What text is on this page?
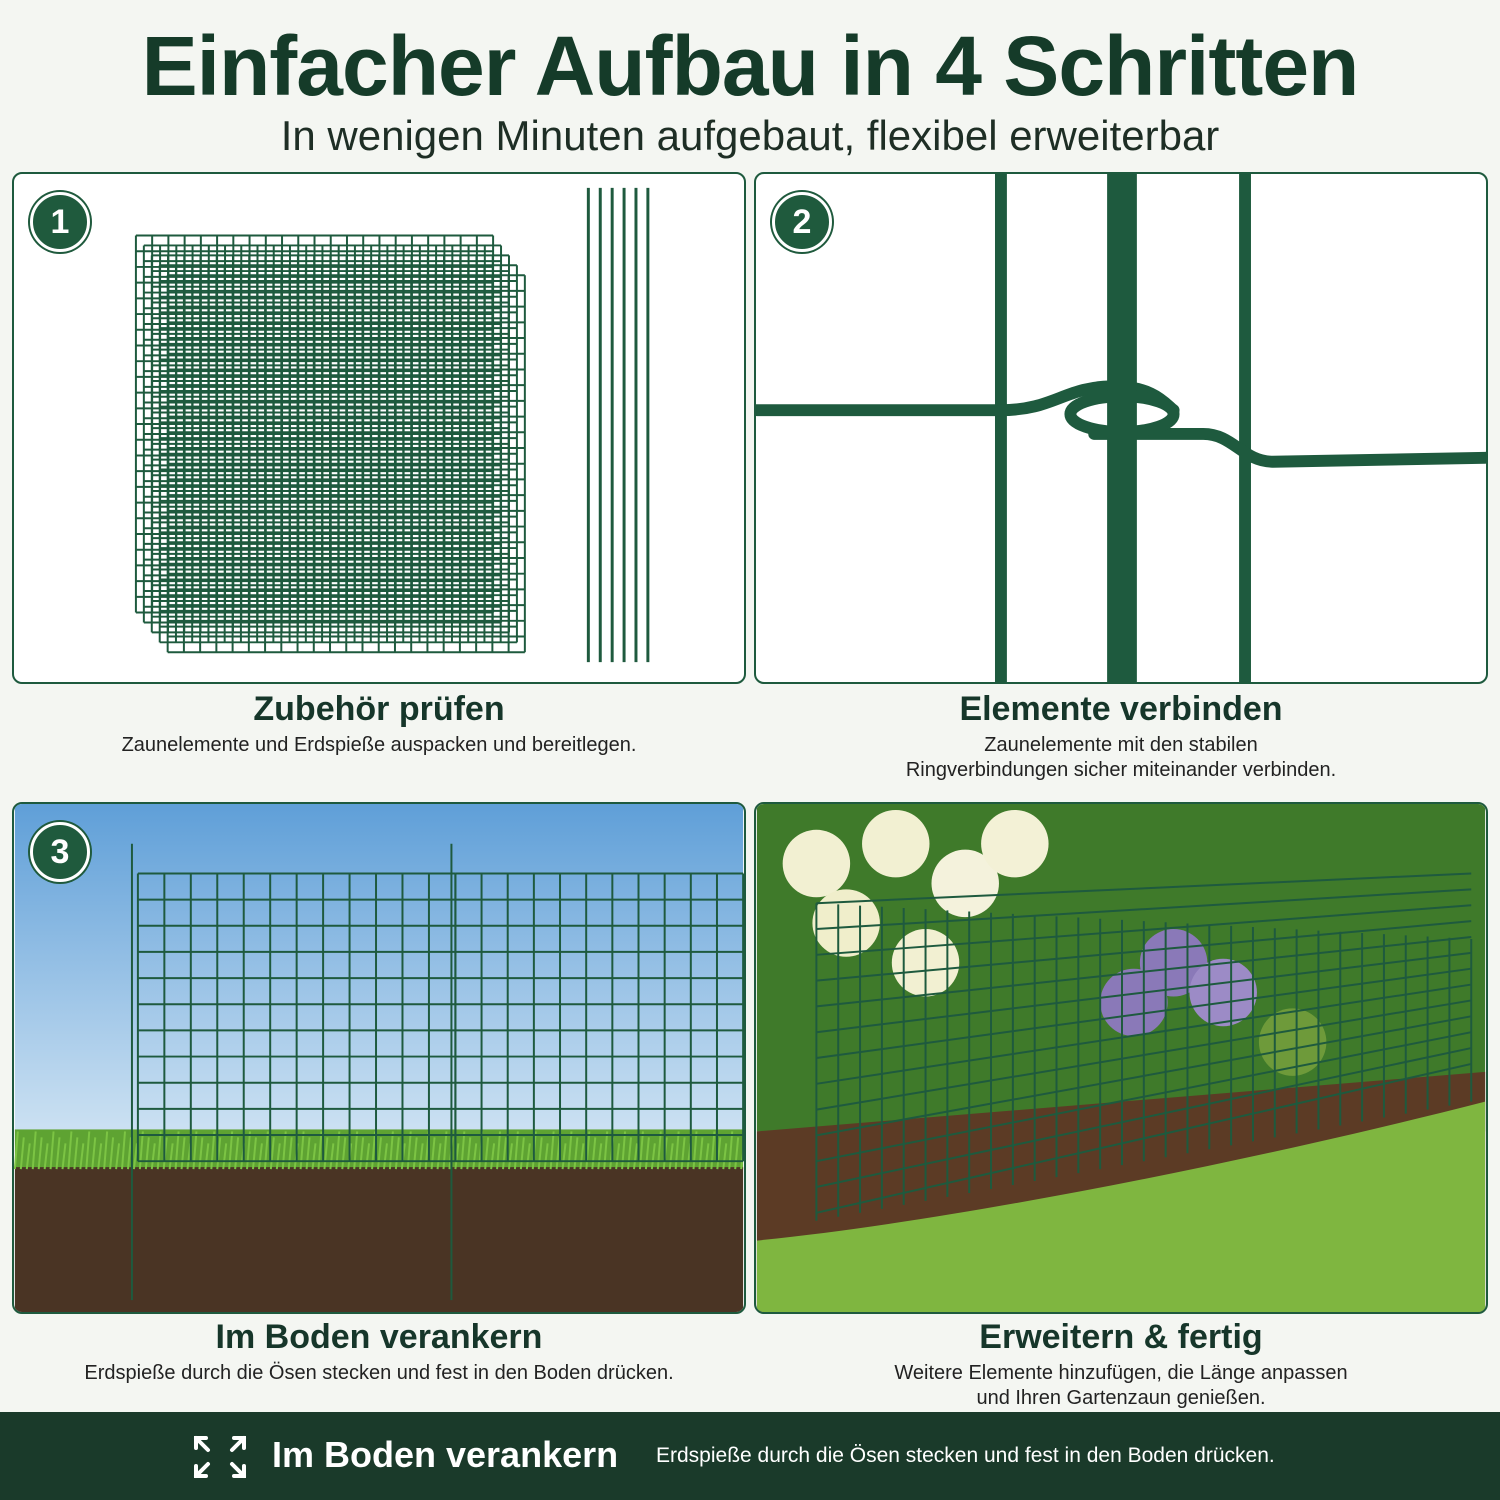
Einfacher Aufbau in 4 Schritten
In wenigen Minuten aufgebaut, flexibel erweiterbar
1	2
3
Zubehör prüfen

Zaunelemente und Erdspieße auspacken und bereitlegen.

Elemente verbinden

Zaunelemente mit den stabilen
Ringverbindungen sicher miteinander verbinden.

Im Boden verankern

Erdspieße durch die Ösen stecken und fest in den Boden drücken.

Erweitern & fertig

Weitere Elemente hinzufügen, die Länge anpassen
und Ihren Gartenzaun genießen.

Im Boden verankern Erdspieße durch die Ösen stecken und fest in den Boden drücken.
